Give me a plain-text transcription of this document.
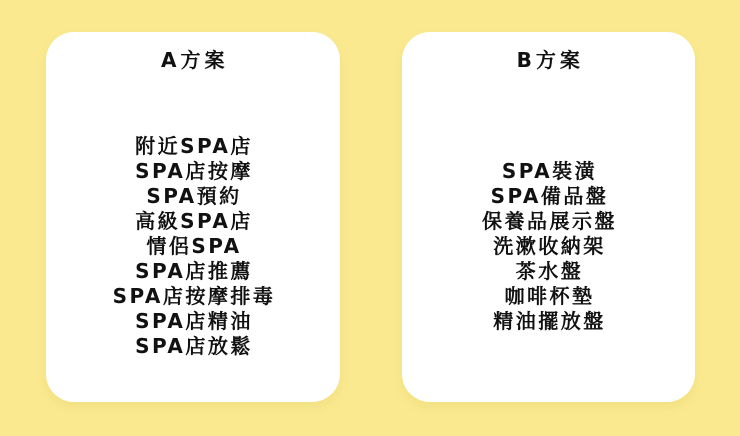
A方案
附近SPA店
SPA店按摩
SPA預約
高級SPA店
情侶SPA
SPA店推薦
SPA店按摩排毒
SPA店精油
SPA店放鬆
B方案
SPA裝潢
SPA備品盤
保養品展示盤
洗漱收納架
茶水盤
咖啡杯墊
精油擺放盤
